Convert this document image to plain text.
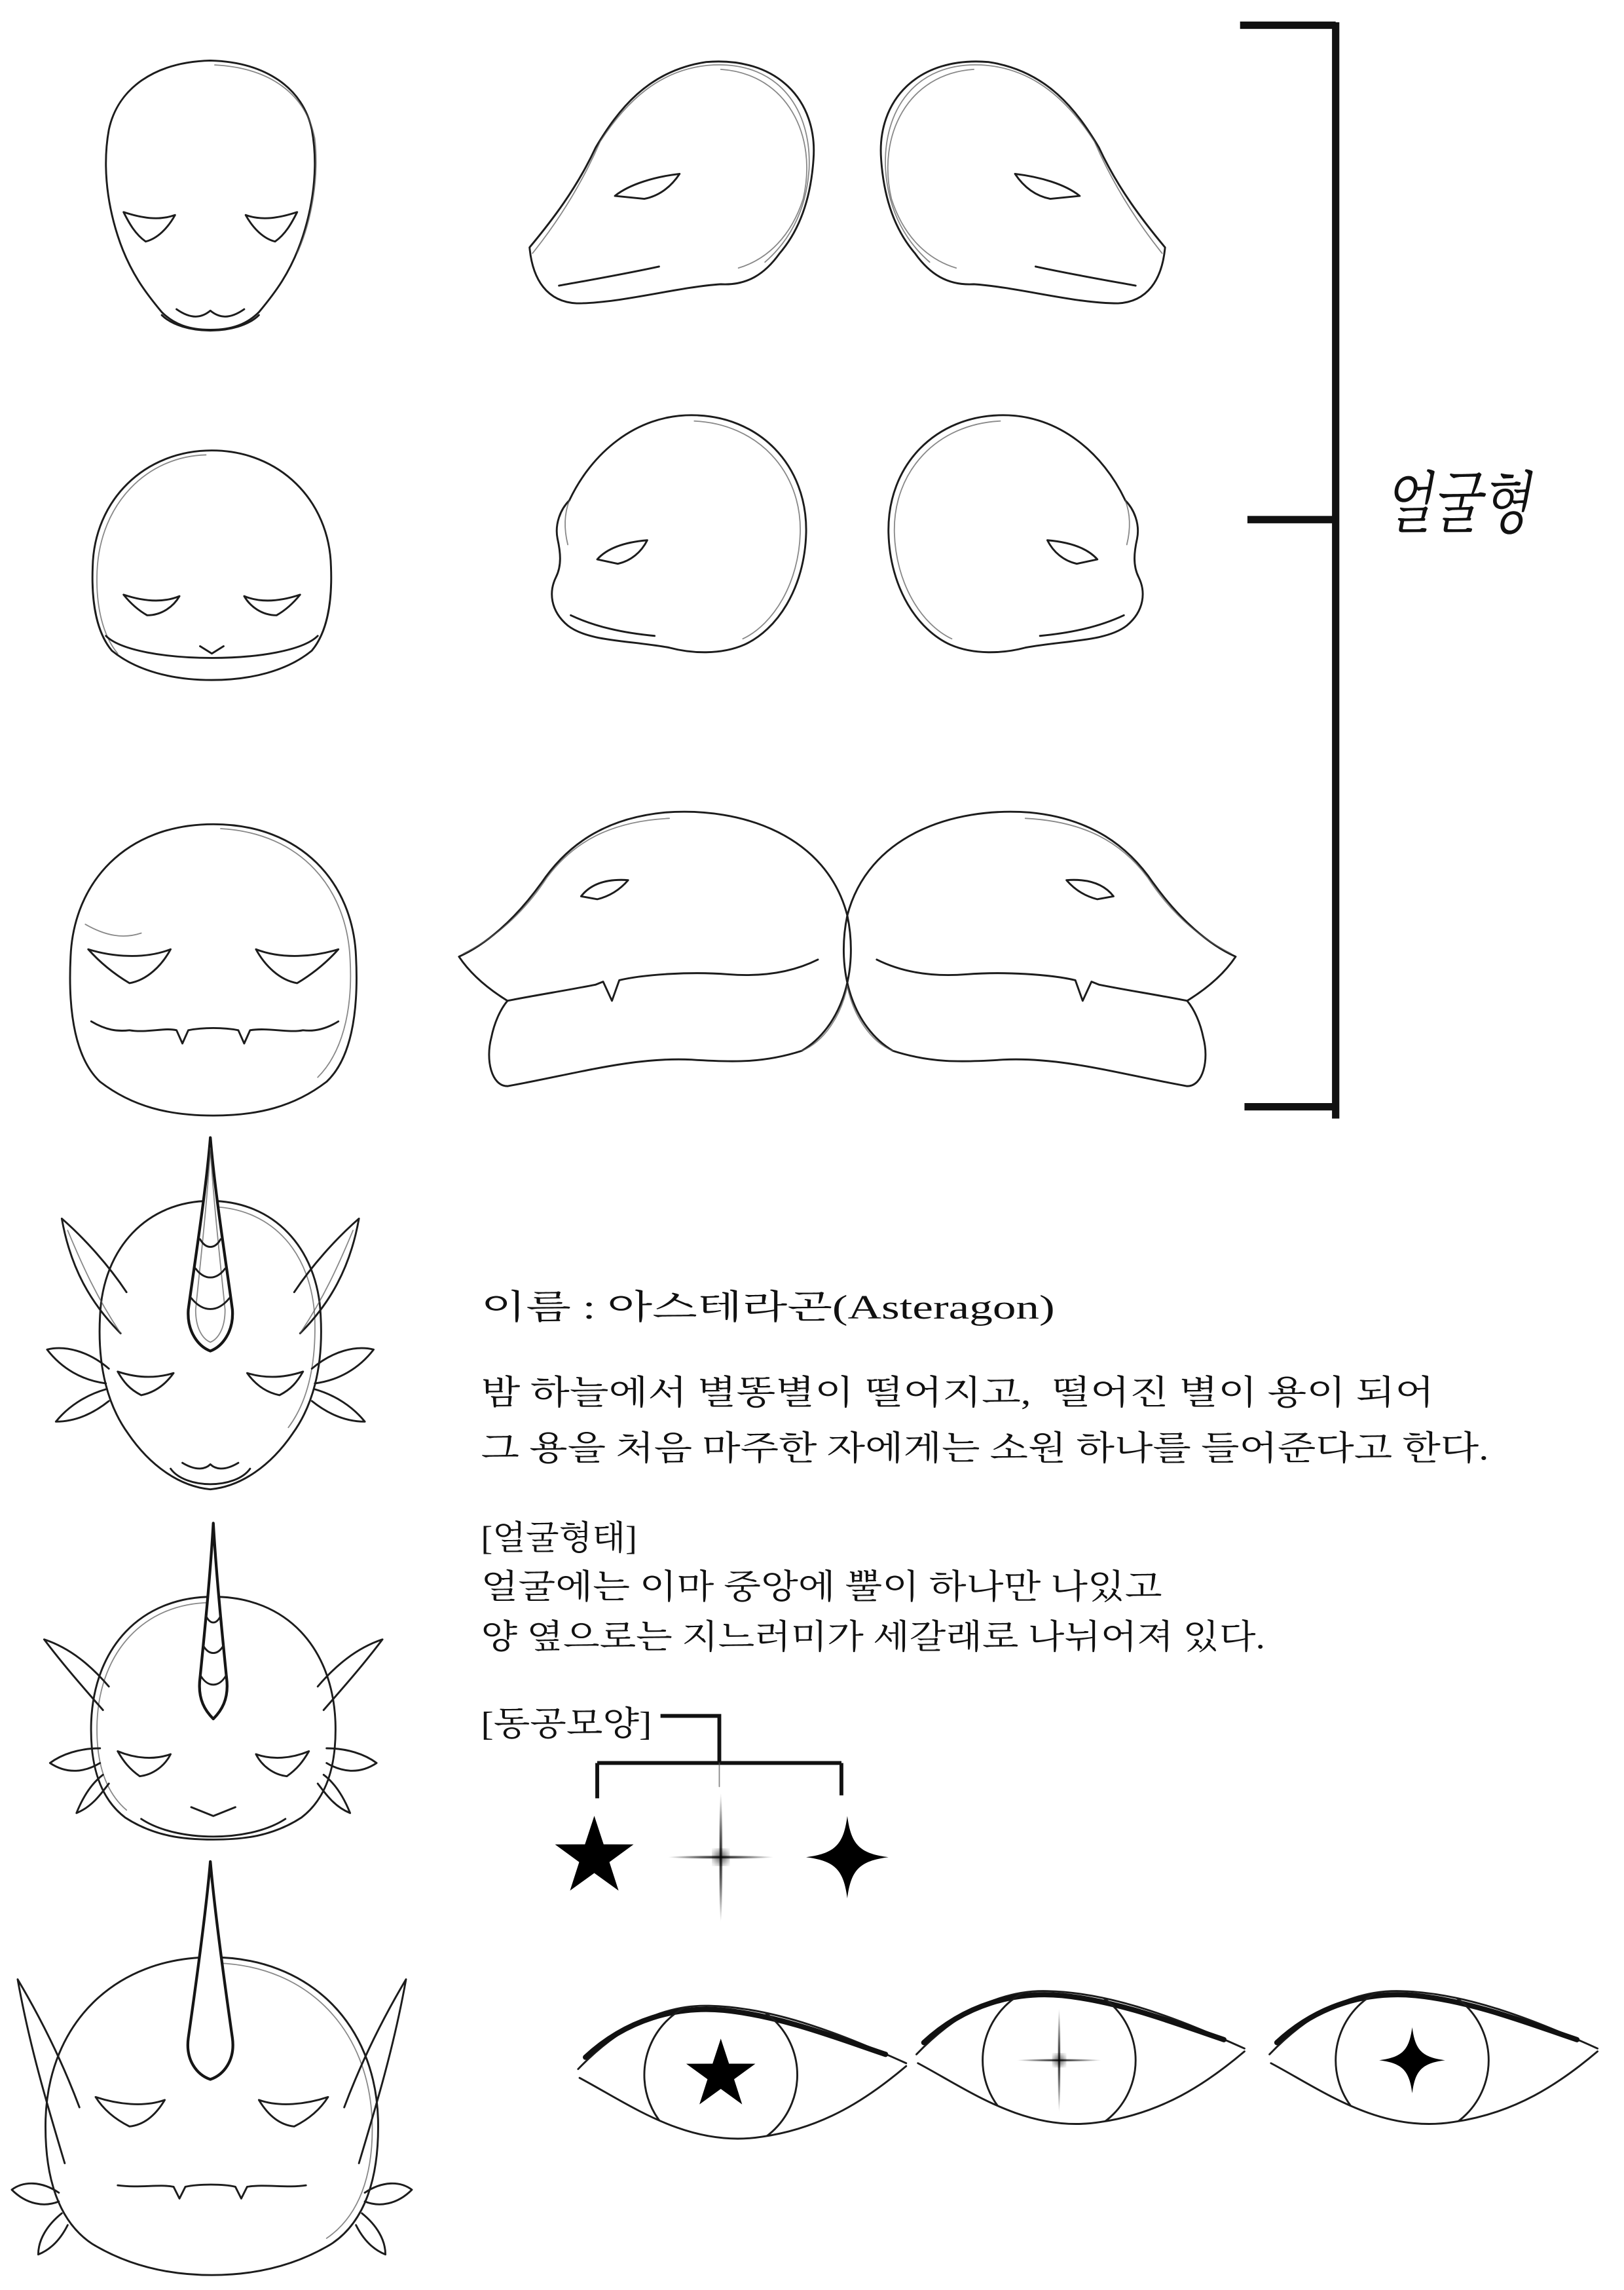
얼굴형
이름 : 아스테라곤(Asteragon)
밤 하늘에서 별똥별이 떨어지고,  떨어진 별이 용이 되어
그 용을 처음 마주한 자에게는 소원 하나를 들어준다고 한다.
[얼굴형태]
얼굴에는 이마 중앙에 뿔이 하나만 나있고
양 옆으로는 지느러미가 세갈래로 나뉘어져 있다.
[동공모양]
